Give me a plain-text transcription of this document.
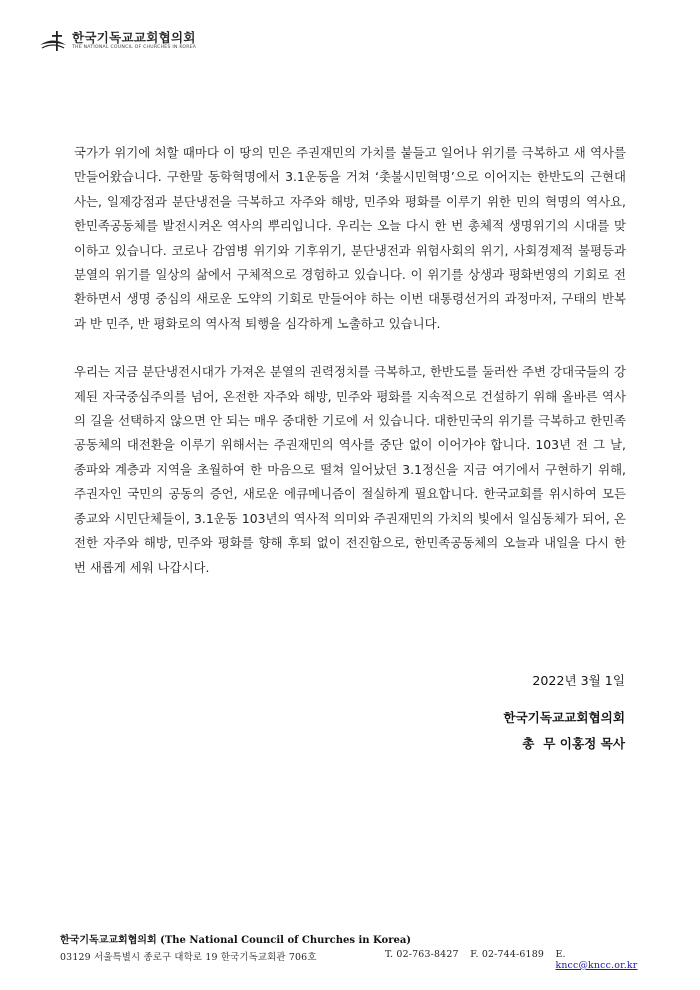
한국기독교교회협의회
THE NATIONAL COUNCIL OF CHURCHES IN KOREA

국가가 위기에 처할 때마다 이 땅의 민은 주권재민의 가치를 붙들고 일어나 위기를 극복하고 새 역사를 만들어왔습니다. 구한말 동학혁명에서 3.1운동을 거쳐 ‘촛불시민혁명’으로 이어지는 한반도의 근현대사는, 일제강점과 분단냉전을 극복하고 자주와 해방, 민주와 평화를 이루기 위한 민의 혁명의 역사요, 한민족공동체를 발전시켜온 역사의 뿌리입니다. 우리는 오늘 다시 한 번 총체적 생명위기의 시대를 맞이하고 있습니다. 코로나 감염병 위기와 기후위기, 분단냉전과 위험사회의 위기, 사회경제적 불평등과 분열의 위기를 일상의 삶에서 구체적으로 경험하고 있습니다. 이 위기를 상생과 평화번영의 기회로 전환하면서 생명 중심의 새로운 도약의 기회로 만들어야 하는 이번 대통령선거의 과정마저, 구태의 반복과 반 민주, 반 평화로의 역사적 퇴행을 심각하게 노출하고 있습니다.

우리는 지금 분단냉전시대가 가져온 분열의 권력정치를 극복하고, 한반도를 둘러싼 주변 강대국들의 강제된 자국중심주의를 넘어, 온전한 자주와 해방, 민주와 평화를 지속적으로 건설하기 위해 올바른 역사의 길을 선택하지 않으면 안 되는 매우 중대한 기로에 서 있습니다. 대한민국의 위기를 극복하고 한민족공동체의 대전환을 이루기 위해서는 주권재민의 역사를 중단 없이 이어가야 합니다. 103년 전 그 날, 종파와 계층과 지역을 초월하여 한 마음으로 떨쳐 일어났던 3.1정신을 지금 여기에서 구현하기 위해, 주권자인 국민의 공동의 증언, 새로운 에큐메니즘이 절실하게 필요합니다. 한국교회를 위시하여 모든 종교와 시민단체들이, 3.1운동 103년의 역사적 의미와 주권재민의 가치의 빛에서 일심동체가 되어, 온전한 자주와 해방, 민주와 평화를 향해 후퇴 없이 전진함으로, 한민족공동체의 오늘과 내일을 다시 한 번 새롭게 세워 나갑시다.

2022년 3월 1일
한국기독교교회협의회
총  무 이홍정 목사
한국기독교교회협의회 (The National Council of Churches in Korea)
03129 서울특별시 종로구 대학로 19 한국기독교회관 706호	T. 02-763-8427	F. 02-744-6189	E. kncc@kncc.or.kr
